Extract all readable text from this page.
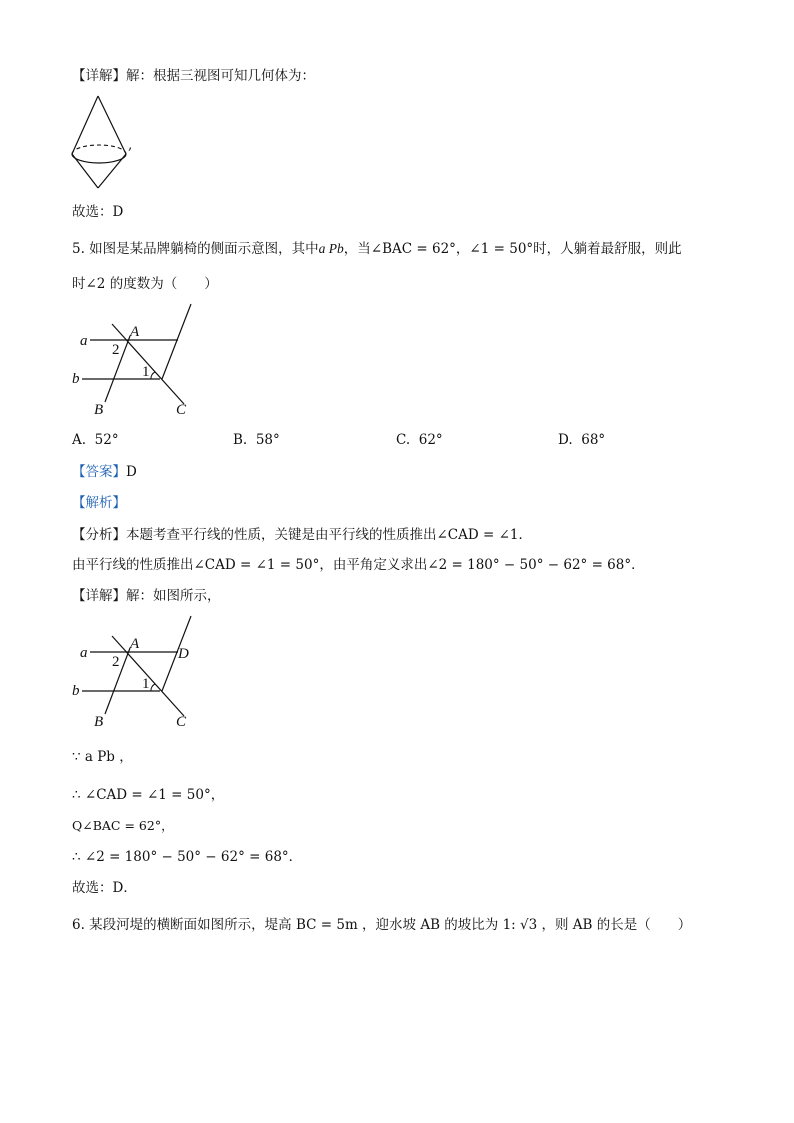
【详解】解：根据三视图可知几何体为：
,
故选：D
5. 如图是某品牌躺椅的侧面示意图，其中a Pb，当∠BAC = 62°，∠1 = 50°时，人躺着最舒服，则此
时∠2 的度数为（　　）
a
A
2
b	1
B	C
A. 52°	B. 58°	C. 62°	D. 68°
【答案】D
【解析】
【分析】本题考查平行线的性质，关键是由平行线的性质推出∠CAD = ∠1．
由平行线的性质推出∠CAD = ∠1 = 50°，由平角定义求出∠2 = 180° − 50° − 62° = 68°．
【详解】解：如图所示，
a
A
D
2
b	1
B	C
∵ a Pb ，
∴ ∠CAD = ∠1 = 50°，
Q∠BAC = 62°，
∴ ∠2 = 180° − 50° − 62° = 68°．
故选：D．
6. 某段河堤的横断面如图所示，堤高 BC = 5m ，迎水坡 AB 的坡比为 1: √3 ，则 AB 的长是（　　）
